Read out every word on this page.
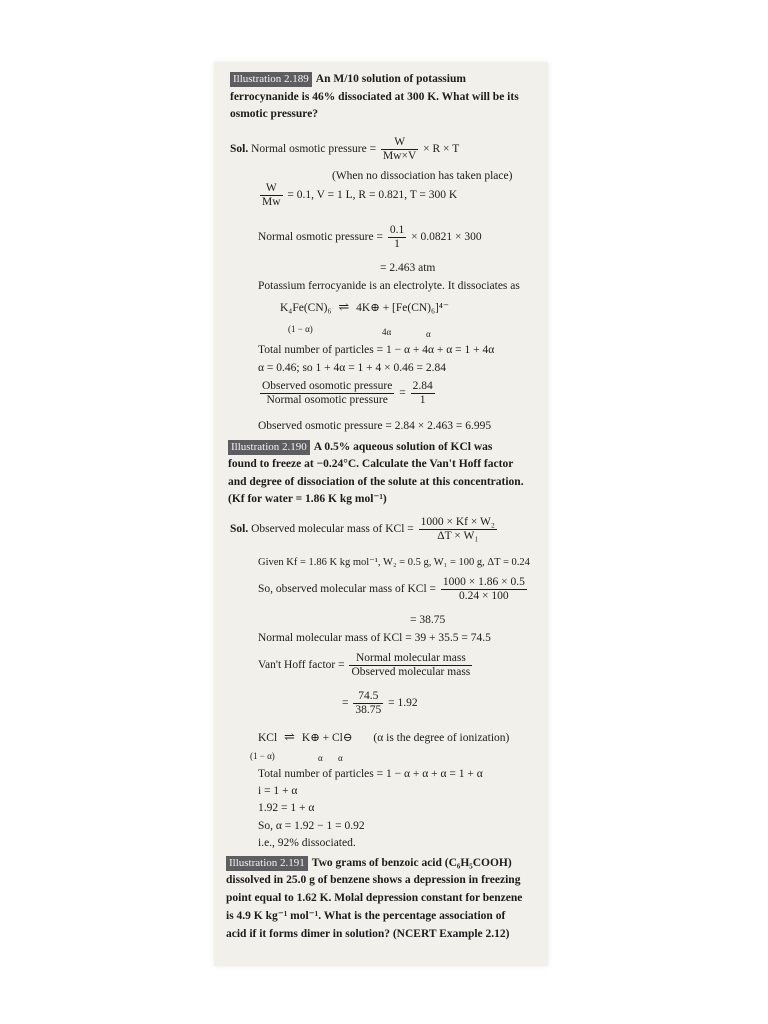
Illustration 2.189 An M/10 solution of potassium
ferrocynanide is 46% dissociated at 300 K. What will be its
osmotic pressure?
Sol. Normal osmotic pressure = $\frac{W}{Mw\times V} \times R \times T$
(When no dissociation has taken place)
$\frac{W}{Mw} = 0.1$, V = 1 L, R = 0.821, T = 300 K
Normal osmotic pressure = $\frac{0.1}{1} \times 0.0821 \times 300$
= 2.463 atm
Potassium ferrocyanide is an electrolyte. It dissociates as
K₄Fe(CN)₆ ⇌ 4K⊕ + [Fe(CN)₆]⁴⁻
(1 − α)	4α	α
Total number of particles = 1 − α + 4α + α = 1 + 4α
α = 0.46; so 1 + 4α = 1 + 4 × 0.46 = 2.84
$\frac{\text{Observed osomotic pressure}}{\text{Normal osomotic pressure}} = \frac{2.84}{1}$
Observed osmotic pressure = 2.84 × 2.463 = 6.995
Illustration 2.190 A 0.5% aqueous solution of KCl was
found to freeze at −0.24°C. Calculate the Van't Hoff factor
and degree of dissociation of the solute at this concentration.
(Kf for water = 1.86 K kg mol⁻¹)
Sol. Observed molecular mass of KCl = $\frac{\text{1000 × Kf × W₂}}{\text{ΔT × W₁}}$
Given Kf = 1.86 K kg mol⁻¹, W₂ = 0.5 g, W₁ = 100 g, ΔT = 0.24
So, observed molecular mass of KCl = $\frac{1000 \times 1.86 \times 0.5}{0.24 \times 100}$
= 38.75
Normal molecular mass of KCl = 39 + 35.5 = 74.5
Van't Hoff factor = $\frac{\text{Normal molecular mass}}{\text{Observed molecular mass}}$
= $\frac{74.5}{38.75} = 1.92$
KCl ⇌ K⊕ + Cl⊖ (α is the degree of ionization)
(1 − α)	α α
Total number of particles = 1 − α + α + α = 1 + α
i = 1 + α
1.92 = 1 + α
So, α = 1.92 − 1 = 0.92
i.e., 92% dissociated.
Illustration 2.191 Two grams of benzoic acid (C₆H₅COOH)
dissolved in 25.0 g of benzene shows a depression in freezing
point equal to 1.62 K. Molal depression constant for benzene
is 4.9 K kg⁻¹ mol⁻¹. What is the percentage association of
acid if it forms dimer in solution? (NCERT Example 2.12)
